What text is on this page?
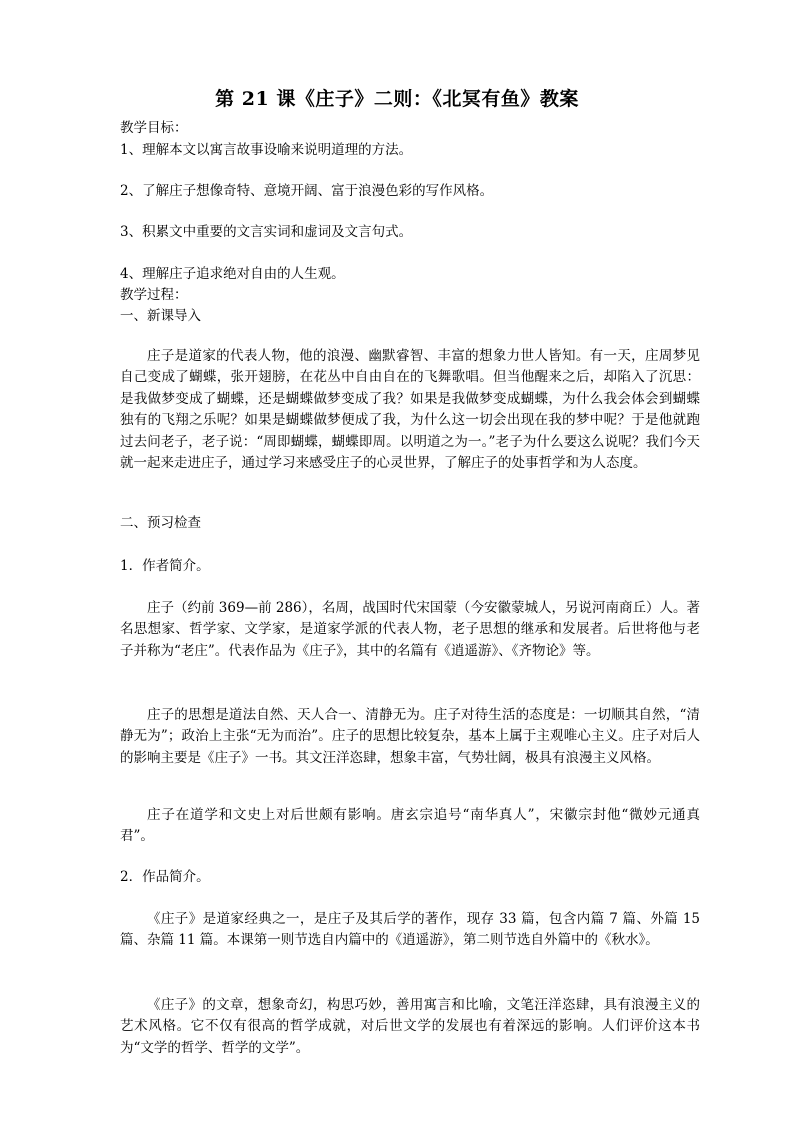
第 21 课《庄子》二则：《北冥有鱼》教案
教学目标：
1、理解本文以寓言故事设喻来说明道理的方法。
2、了解庄子想像奇特、意境开阔、富于浪漫色彩的写作风格。
3、积累文中重要的文言实词和虚词及文言句式。
4、理解庄子追求绝对自由的人生观。
教学过程：
一、新课导入

庄子是道家的代表人物，他的浪漫、幽默睿智、丰富的想象力世人皆知。有一天，庄周梦见自己变成了蝴蝶，张开翅膀，在花丛中自由自在的飞舞歌唱。但当他醒来之后，却陷入了沉思：是我做梦变成了蝴蝶，还是蝴蝶做梦变成了我？如果是我做梦变成蝴蝶，为什么我会体会到蝴蝶独有的飞翔之乐呢？如果是蝴蝶做梦便成了我，为什么这一切会出现在我的梦中呢？于是他就跑过去问老子，老子说：“周即蝴蝶，蝴蝶即周。以明道之为一。”老子为什么要这么说呢？我们今天就一起来走进庄子，通过学习来感受庄子的心灵世界，了解庄子的处事哲学和为人态度。

二、预习检查
1．作者简介。

庄子（约前 369—前 286），名周，战国时代宋国蒙（今安徽蒙城人，另说河南商丘）人。著名思想家、哲学家、文学家，是道家学派的代表人物，老子思想的继承和发展者。后世将他与老子并称为“老庄”。代表作品为《庄子》，其中的名篇有《逍遥游》、《齐物论》等。

庄子的思想是道法自然、天人合一、清静无为。庄子对待生活的态度是：一切顺其自然，“清静无为”；政治上主张“无为而治”。庄子的思想比较复杂，基本上属于主观唯心主义。庄子对后人的影响主要是《庄子》一书。其文汪洋恣肆，想象丰富，气势壮阔，极具有浪漫主义风格。

庄子在道学和文史上对后世颇有影响。唐玄宗追号“南华真人”，宋徽宗封他“微妙元通真君”。

2．作品简介。

《庄子》是道家经典之一，是庄子及其后学的著作，现存 33 篇，包含内篇 7 篇、外篇 15 篇、杂篇 11 篇。本课第一则节选自内篇中的《逍遥游》，第二则节选自外篇中的《秋水》。

《庄子》的文章，想象奇幻，构思巧妙，善用寓言和比喻，文笔汪洋恣肆，具有浪漫主义的艺术风格。它不仅有很高的哲学成就，对后世文学的发展也有着深远的影响。人们评价这本书为“文学的哲学、哲学的文学”。
